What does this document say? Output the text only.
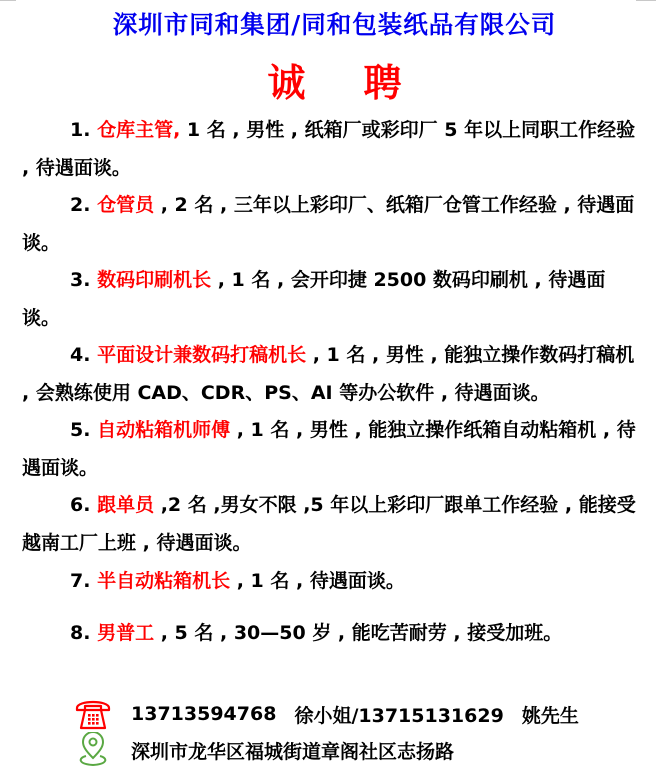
深圳市同和集团/同和包装纸品有限公司
诚 聘

1. 仓库主管, 1 名 , 男性 , 纸箱厂或彩印厂 5 年以上同职工作经验 , 待遇面谈。

2. 仓管员 , 2 名 , 三年以上彩印厂、纸箱厂仓管工作经验 , 待遇面谈。

3. 数码印刷机长 , 1 名 , 会开印捷 2500 数码印刷机 , 待遇面谈。

4. 平面设计兼数码打稿机长 , 1 名 , 男性 , 能独立操作数码打稿机 , 会熟练使用 CAD、CDR、PS、AI 等办公软件 , 待遇面谈。

5. 自动粘箱机师傅 , 1 名 , 男性 , 能独立操作纸箱自动粘箱机 , 待遇面谈。

6. 跟单员 ,2 名 ,男女不限 ,5 年以上彩印厂跟单工作经验 , 能接受越南工厂上班 , 待遇面谈。

7. 半自动粘箱机长 , 1 名 , 待遇面谈。

8. 男普工 , 5 名 , 30—50 岁 , 能吃苦耐劳 , 接受加班。

13713594768 徐小姐/13715131629 姚先生
深圳市龙华区福城街道章阁社区志扬路
